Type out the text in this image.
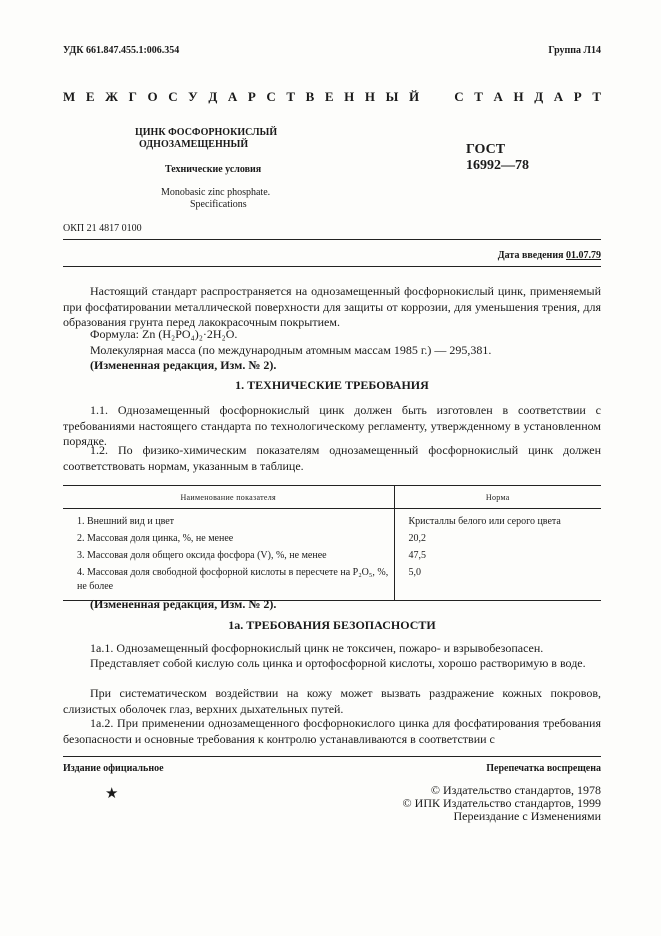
УДК 661.847.455.1:006.354	Группа Л14
М Е Ж Г О С У Д А Р С Т В Е Н Н Ы Й	С Т А Н Д А Р Т
ЦИНК ФОСФОРНОКИСЛЫЙ
ОДНОЗАМЕЩЕННЫЙ
Технические условия
Monobasic zinc phosphate.
Specifications
ГОСТ
16992—78
ОКП 21 4817 0100
Дата введения 01.07.79
Настоящий стандарт распространяется на однозамещенный фосфорнокислый цинк, применяемый при фосфатировании металлической поверхности для защиты от коррозии, для уменьшения трения, для образования грунта перед лакокрасочным покрытием.
Формула: Zn (H₂PO₄)₂·2H₂O.
Молекулярная масса (по международным атомным массам 1985 г.) — 295,381.
(Измененная редакция, Изм. № 2).
1. ТЕХНИЧЕСКИЕ ТРЕБОВАНИЯ
1.1. Однозамещенный фосфорнокислый цинк должен быть изготовлен в соответствии с требованиями настоящего стандарта по технологическому регламенту, утвержденному в установленном порядке.
1.2. По физико-химическим показателям однозамещенный фосфорнокислый цинк должен соответствовать нормам, указанным в таблице.
Наименование показателя	Норма
1. Внешний вид и цвет	Кристаллы белого или серого цвета
2. Массовая доля цинка, %, не менее	20,2
3. Массовая доля общего оксида фосфора (V), %, не менее	47,5
4. Массовая доля свободной фосфорной кислоты в пересчете на P₂O₅, %, не более	5,0
(Измененная редакция, Изм. № 2).
1а. ТРЕБОВАНИЯ БЕЗОПАСНОСТИ
1а.1. Однозамещенный фосфорнокислый цинк не токсичен, пожаро- и взрывобезопасен.
Представляет собой кислую соль цинка и ортофосфорной кислоты, хорошо растворимую в воде.
При систематическом воздействии на кожу может вызвать раздражение кожных покровов, слизистых оболочек глаз, верхних дыхательных путей.
1а.2. При применении однозамещенного фосфорнокислого цинка для фосфатирования требования безопасности и основные требования к контролю устанавливаются в соответствии с
Издание официальное	Перепечатка воспрещена
★	© Издательство стандартов, 1978
© ИПК Издательство стандартов, 1999
Переиздание с Изменениями
